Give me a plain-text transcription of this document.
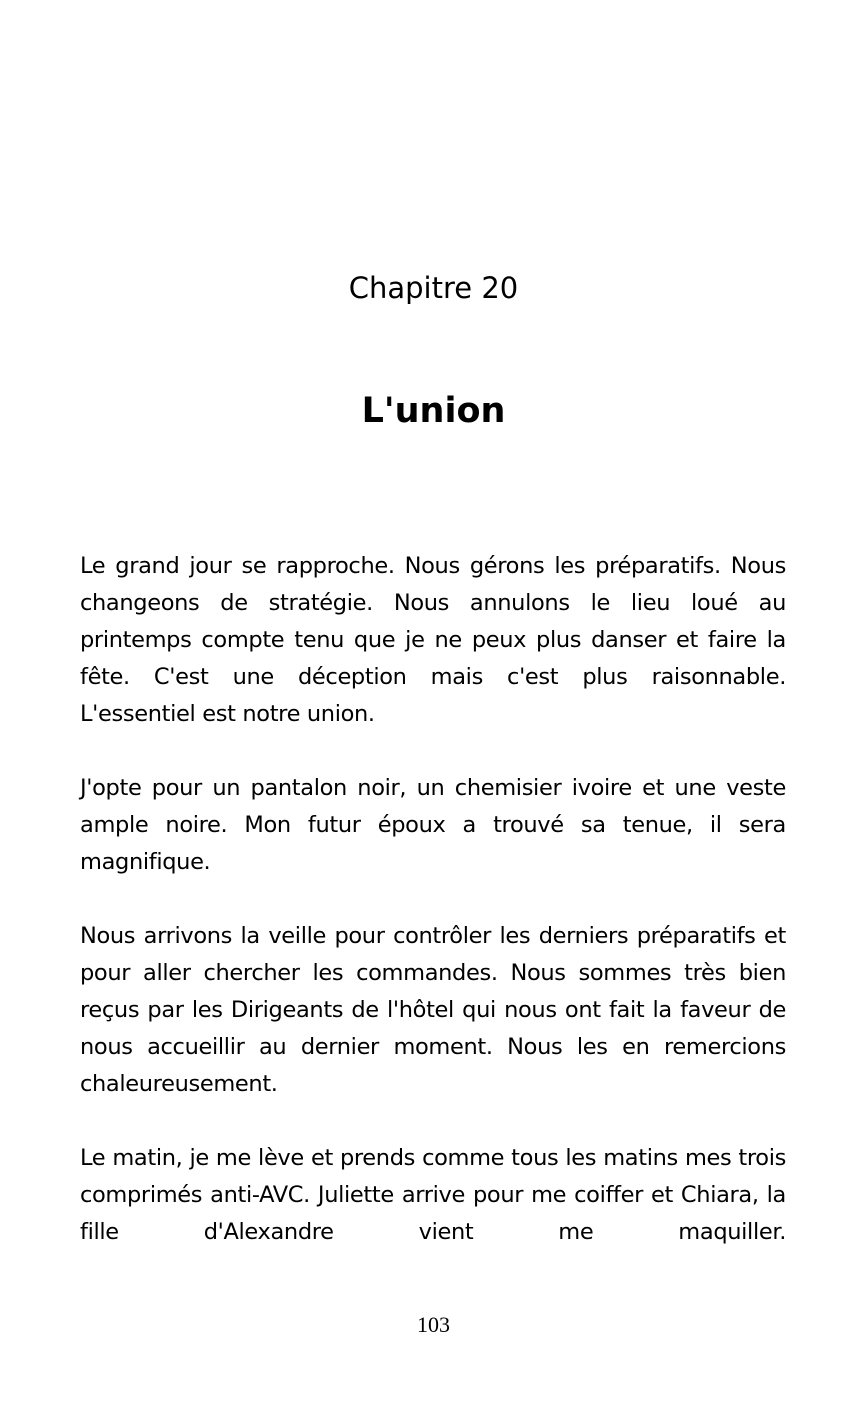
Chapitre 20
L'union

Le grand jour se rapproche. Nous gérons les préparatifs. Nous changeons de stratégie. Nous annulons le lieu loué au printemps compte tenu que je ne peux plus danser et faire la fête. C'est une déception mais c'est plus raisonnable. L'essentiel est notre union.

J'opte pour un pantalon noir, un chemisier ivoire et une veste ample noire. Mon futur époux a trouvé sa tenue, il sera magnifique.

Nous arrivons la veille pour contrôler les derniers préparatifs et pour aller chercher les commandes. Nous sommes très bien reçus par les Dirigeants de l'hôtel qui nous ont fait la faveur de nous accueillir au dernier moment. Nous les en remercions chaleureusement.

Le matin, je me lève et prends comme tous les matins mes trois comprimés anti-AVC. Juliette arrive pour me coiffer et Chiara, la fille d'Alexandre vient me maquiller.

103
